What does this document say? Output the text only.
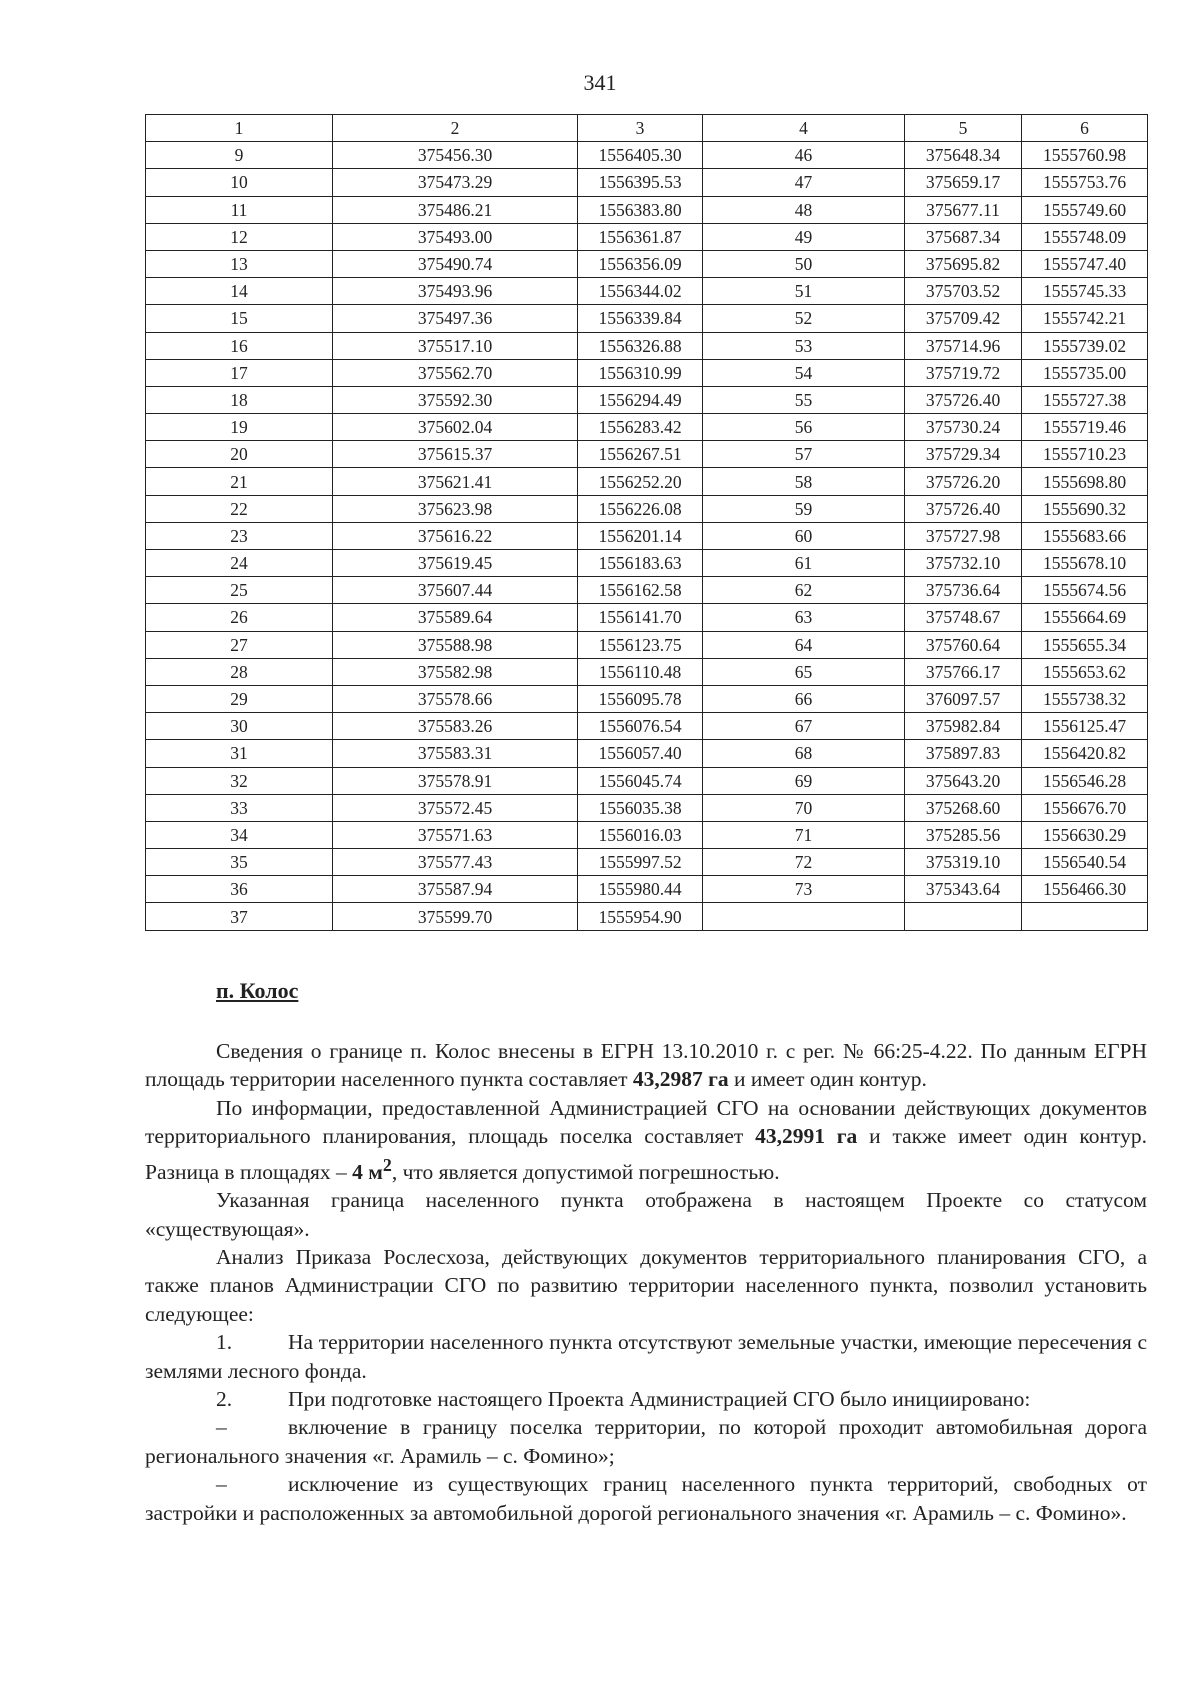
341
1	2	3	4	5	6
9	375456.30	1556405.30	46	375648.34	1555760.98
10	375473.29	1556395.53	47	375659.17	1555753.76
11	375486.21	1556383.80	48	375677.11	1555749.60
12	375493.00	1556361.87	49	375687.34	1555748.09
13	375490.74	1556356.09	50	375695.82	1555747.40
14	375493.96	1556344.02	51	375703.52	1555745.33
15	375497.36	1556339.84	52	375709.42	1555742.21
16	375517.10	1556326.88	53	375714.96	1555739.02
17	375562.70	1556310.99	54	375719.72	1555735.00
18	375592.30	1556294.49	55	375726.40	1555727.38
19	375602.04	1556283.42	56	375730.24	1555719.46
20	375615.37	1556267.51	57	375729.34	1555710.23
21	375621.41	1556252.20	58	375726.20	1555698.80
22	375623.98	1556226.08	59	375726.40	1555690.32
23	375616.22	1556201.14	60	375727.98	1555683.66
24	375619.45	1556183.63	61	375732.10	1555678.10
25	375607.44	1556162.58	62	375736.64	1555674.56
26	375589.64	1556141.70	63	375748.67	1555664.69
27	375588.98	1556123.75	64	375760.64	1555655.34
28	375582.98	1556110.48	65	375766.17	1555653.62
29	375578.66	1556095.78	66	376097.57	1555738.32
30	375583.26	1556076.54	67	375982.84	1556125.47
31	375583.31	1556057.40	68	375897.83	1556420.82
32	375578.91	1556045.74	69	375643.20	1556546.28
33	375572.45	1556035.38	70	375268.60	1556676.70
34	375571.63	1556016.03	71	375285.56	1556630.29
35	375577.43	1555997.52	72	375319.10	1556540.54
36	375587.94	1555980.44	73	375343.64	1556466.30
37	375599.70	1555954.90			
п. Колос

Сведения о границе п. Колос внесены в ЕГРН 13.10.2010 г. с рег. № 66:25-4.22. По данным ЕГРН площадь территории населенного пункта составляет 43,2987 га и имеет один контур.

По информации, предоставленной Администрацией СГО на основании действующих документов территориального планирования, площадь поселка составляет 43,2991 га и также имеет один контур. Разница в площадях – 4 $м^2$, что является допустимой погрешностью.

Указанная граница населенного пункта отображена в настоящем Проекте со статусом «существующая».

Анализ Приказа Рослесхоза, действующих документов территориального планирования СГО, а также планов Администрации СГО по развитию территории населенного пункта, позволил установить следующее:

1.	На территории населенного пункта отсутствуют земельные участки, имеющие пересечения с землями лесного фонда.

2.	При подготовке настоящего Проекта Администрацией СГО было инициировано:

–	включение в границу поселка территории, по которой проходит автомобильная дорога регионального значения «г. Арамиль – с. Фомино»;

–	исключение из существующих границ населенного пункта территорий, свободных от застройки и расположенных за автомобильной дорогой регионального значения «г. Арамиль – с. Фомино».
